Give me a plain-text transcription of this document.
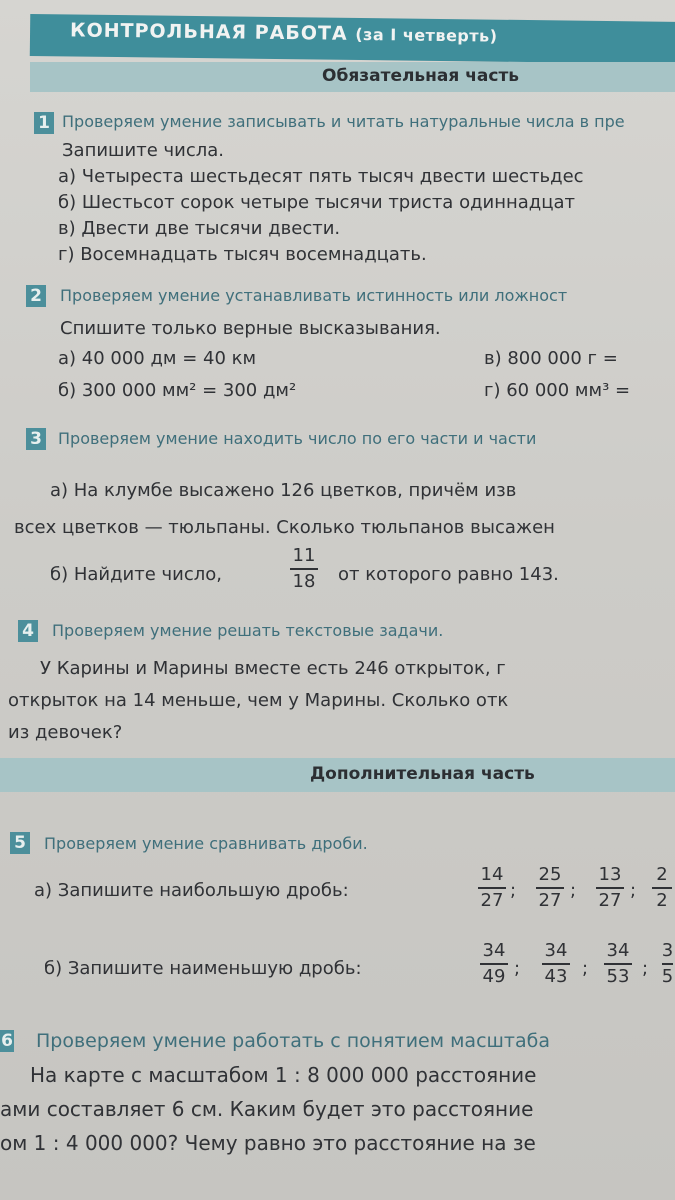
КОНТРОЛЬНАЯ РАБОТА (за I четверть)
Обязательная часть
1 Проверяем умение записывать и читать натуральные числа в пре
Запишите числа.
а) Четыреста шестьдесят пять тысяч двести шестьдес
б) Шестьсот сорок четыре тысячи триста одиннадцат
в) Двести две тысячи двести.
г) Восемнадцать тысяч восемнадцать.
2 Проверяем умение устанавливать истинность или ложност
Спишите только верные высказывания.
а) 40 000 дм = 40 км	в) 800 000 г =
б) 300 000 мм² = 300 дм²	г) 60 000 мм³ =
3 Проверяем умение находить число по его части и части
а) На клумбе высажено 126 цветков, причём изв
всех цветков — тюльпаны. Сколько тюльпанов высажен
б) Найдите число,
11
18 от которого равно 143.
4 Проверяем умение решать текстовые задачи.
У Карины и Марины вместе есть 246 открыток, г
открыток на 14 меньше, чем у Марины. Сколько отк
из девочек?
Дополнительная часть
5 Проверяем умение сравнивать дроби.
а) Запишите наибольшую дробь:
14
27 ;
25
27 ;
13
27 ;
2
2
б) Запишите наименьшую дробь:
34
49 ;
34
43 ;
34
53 ;
3
5
6 Проверяем умение работать с понятием масштаба
На карте с масштабом 1 : 8 000 000 расстояние
ами составляет 6 см. Каким будет это расстояние
ом 1 : 4 000 000? Чему равно это расстояние на зе
